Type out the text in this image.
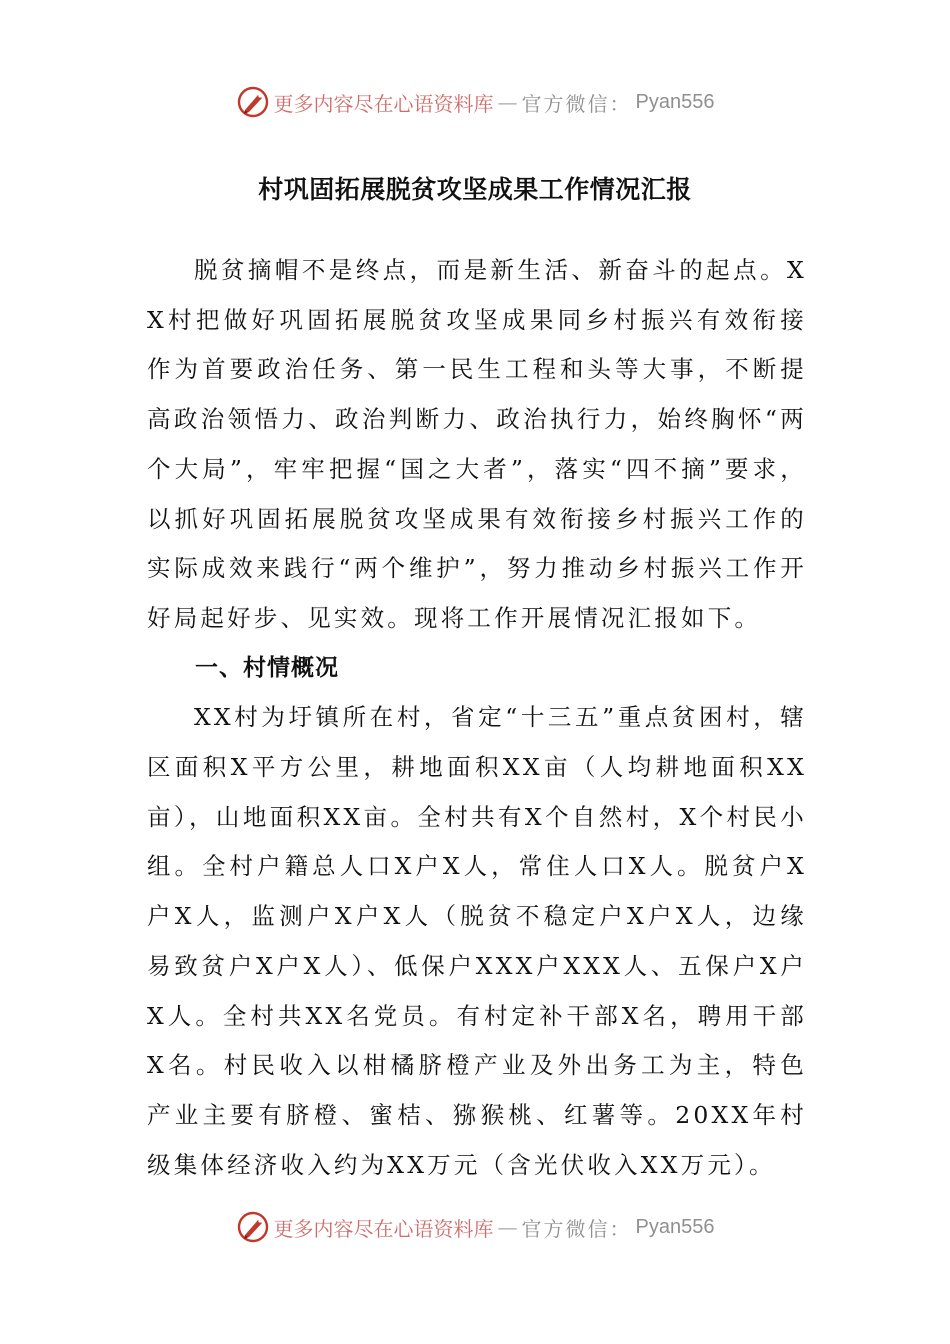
更多内容尽在心语资料库 — 官方微信： Pyan556
村巩固拓展脱贫攻坚成果工作情况汇报

脱贫摘帽不是终点，而是新生活、新奋斗的起点。XX村把做好巩固拓展脱贫攻坚成果同乡村振兴有效衔接作为首要政治任务、第一民生工程和头等大事，不断提高政治领悟力、政治判断力、政治执行力，始终胸怀“两个大局”，牢牢把握“国之大者”，落实“四不摘”要求，以抓好巩固拓展脱贫攻坚成果有效衔接乡村振兴工作的实际成效来践行“两个维护”，努力推动乡村振兴工作开好局起好步、见实效。现将工作开展情况汇报如下。

一、村情概况

XX村为圩镇所在村，省定“十三五”重点贫困村，辖区面积X平方公里，耕地面积XX亩（人均耕地面积XX亩），山地面积XX亩。全村共有X个自然村，X个村民小组。全村户籍总人口X户X人，常住人口X人。脱贫户X户X人，监测户X户X人（脱贫不稳定户X户X人，边缘易致贫户X户X人）、低保户XXX户XXX人、五保户X户X人。全村共XX名党员。有村定补干部X名，聘用干部X名。村民收入以柑橘脐橙产业及外出务工为主，特色产业主要有脐橙、蜜桔、猕猴桃、红薯等。20XX年村级集体经济收入约为XX万元（含光伏收入XX万元）。

更多内容尽在心语资料库 — 官方微信： Pyan556
